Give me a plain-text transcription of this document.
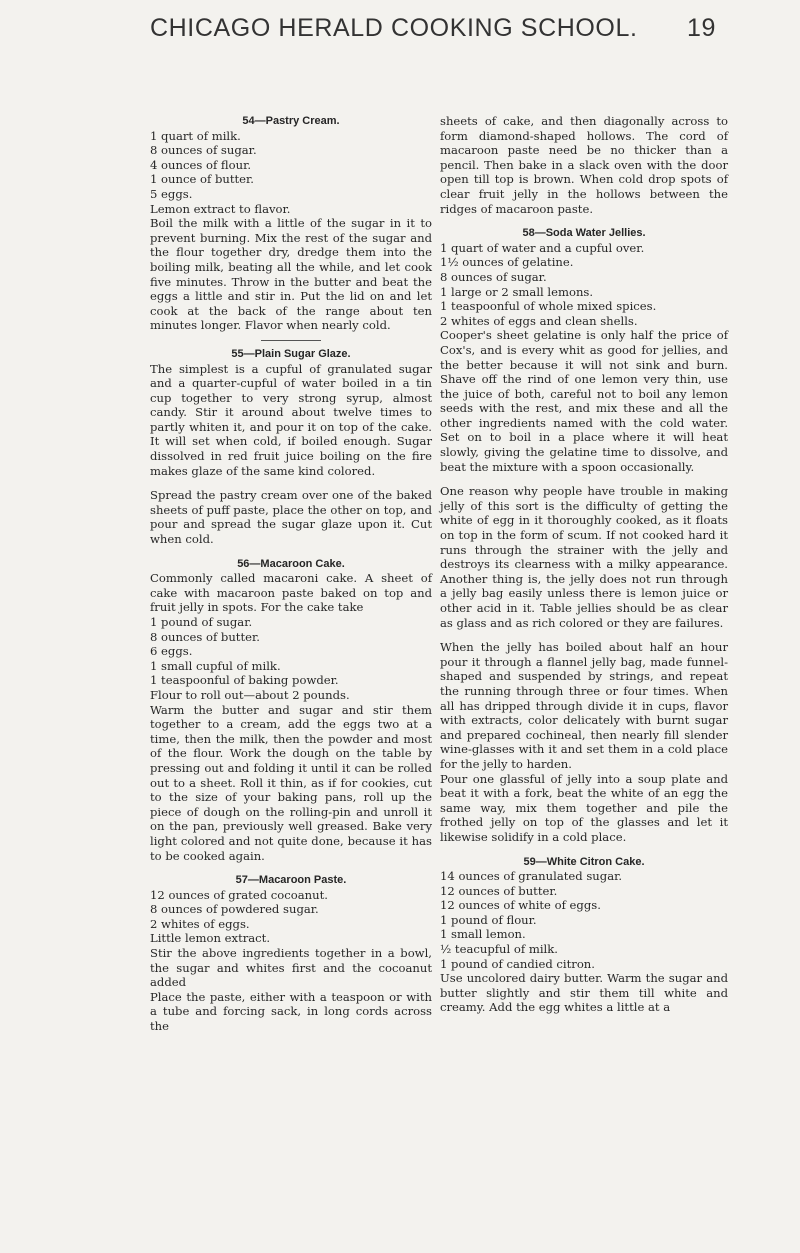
CHICAGO HERALD COOKING SCHOOL. 19

54—Pastry Cream.

1 quart of milk.
8 ounces of sugar.
4 ounces of flour.
1 ounce of butter.
5 eggs.
Lemon extract to flavor.

Boil the milk with a little of the sugar in it to prevent burning. Mix the rest of the sugar and the flour together dry, dredge them into the boiling milk, beating all the while, and let cook five minutes. Throw in the butter and beat the eggs a little and stir in. Put the lid on and let cook at the back of the range about ten minutes longer. Flavor when nearly cold.

55—Plain Sugar Glaze.

The simplest is a cupful of granulated sugar and a quarter-cupful of water boiled in a tin cup together to very strong syrup, almost candy. Stir it around about twelve times to partly whiten it, and pour it on top of the cake. It will set when cold, if boiled enough. Sugar dissolved in red fruit juice boiling on the fire makes glaze of the same kind colored.

Spread the pastry cream over one of the baked sheets of puff paste, place the other on top, and pour and spread the sugar glaze upon it. Cut when cold.

56—Macaroon Cake.

Commonly called macaroni cake. A sheet of cake with macaroon paste baked on top and fruit jelly in spots. For the cake take

1 pound of sugar.
8 ounces of butter.
6 eggs.
1 small cupful of milk.
1 teaspoonful of baking powder.
Flour to roll out—about 2 pounds.

Warm the butter and sugar and stir them together to a cream, add the eggs two at a time, then the milk, then the powder and most of the flour. Work the dough on the table by pressing out and folding it until it can be rolled out to a sheet. Roll it thin, as if for cookies, cut to the size of your baking pans, roll up the piece of dough on the rolling-pin and unroll it on the pan, previously well greased. Bake very light colored and not quite done, because it has to be cooked again.

57—Macaroon Paste.

12 ounces of grated cocoanut.
8 ounces of powdered sugar.
2 whites of eggs.
Little lemon extract.

Stir the above ingredients together in a bowl, the sugar and whites first and the cocoanut added

Place the paste, either with a teaspoon or with a tube and forcing sack, in long cords across the

sheets of cake, and then diagonally across to form diamond-shaped hollows. The cord of macaroon paste need be no thicker than a pencil. Then bake in a slack oven with the door open till top is brown. When cold drop spots of clear fruit jelly in the hollows between the ridges of macaroon paste.

58—Soda Water Jellies.

1 quart of water and a cupful over.
1½ ounces of gelatine.
8 ounces of sugar.
1 large or 2 small lemons.
1 teaspoonful of whole mixed spices.
2 whites of eggs and clean shells.

Cooper's sheet gelatine is only half the price of Cox's, and is every whit as good for jellies, and the better because it will not sink and burn. Shave off the rind of one lemon very thin, use the juice of both, careful not to boil any lemon seeds with the rest, and mix these and all the other ingredients named with the cold water. Set on to boil in a place where it will heat slowly, giving the gelatine time to dissolve, and beat the mixture with a spoon occasionally.

One reason why people have trouble in making jelly of this sort is the difficulty of getting the white of egg in it thoroughly cooked, as it floats on top in the form of scum. If not cooked hard it runs through the strainer with the jelly and destroys its clearness with a milky appearance. Another thing is, the jelly does not run through a jelly bag easily unless there is lemon juice or other acid in it. Table jellies should be as clear as glass and as rich colored or they are failures.

When the jelly has boiled about half an hour pour it through a flannel jelly bag, made funnel-shaped and suspended by strings, and repeat the running through three or four times. When all has dripped through divide it in cups, flavor with extracts, color delicately with burnt sugar and prepared cochineal, then nearly fill slender wine-glasses with it and set them in a cold place for the jelly to harden.

Pour one glassful of jelly into a soup plate and beat it with a fork, beat the white of an egg the same way, mix them together and pile the frothed jelly on top of the glasses and let it likewise solidify in a cold place.

59—White Citron Cake.

14 ounces of granulated sugar.
12 ounces of butter.
12 ounces of white of eggs.
1 pound of flour.
1 small lemon.
½ teacupful of milk.
1 pound of candied citron.

Use uncolored dairy butter. Warm the sugar and butter slightly and stir them till white and creamy. Add the egg whites a little at a
